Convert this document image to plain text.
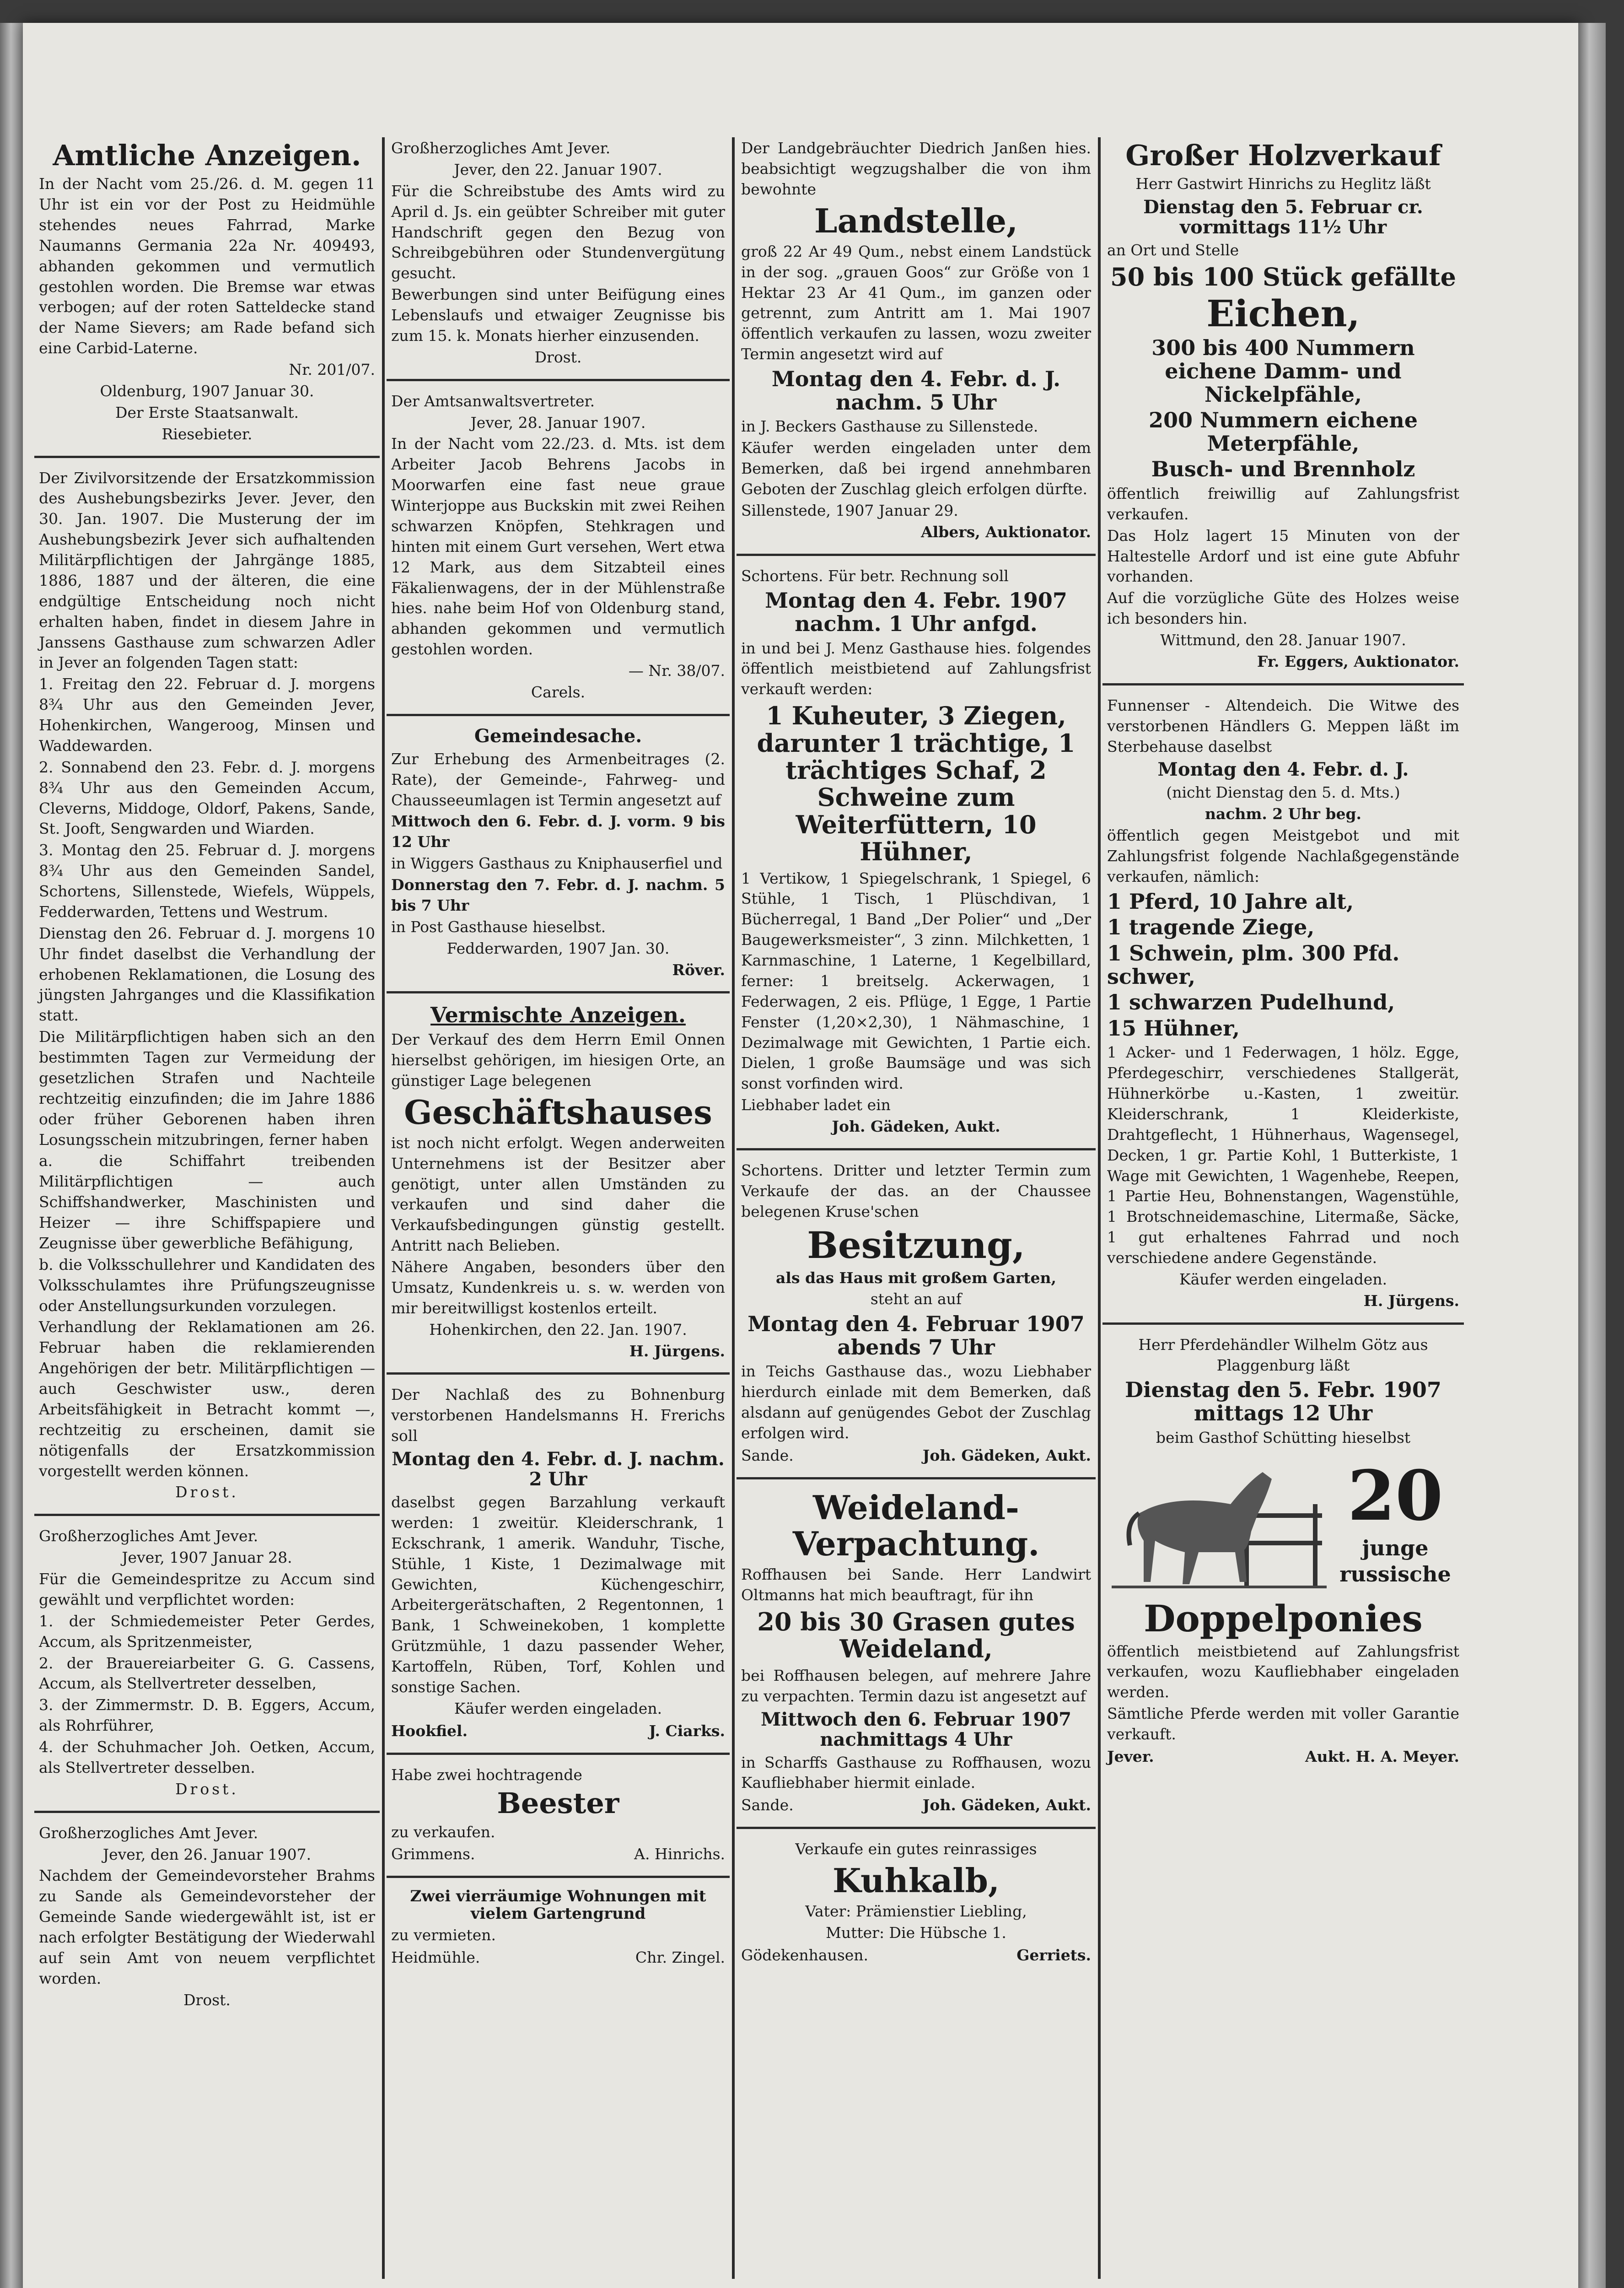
Amtliche Anzeigen.

In der Nacht vom 25./26. d. M. gegen 11 Uhr ist ein vor der Post zu Heidmühle stehendes neues Fahrrad, Marke Naumanns Germania 22a Nr. 409493, abhanden gekommen und vermutlich gestohlen worden. Die Bremse war etwas verbogen; auf der roten Satteldecke stand der Name Sievers; am Rade befand sich eine Carbid-Laterne.

Nr. 201/07.

Oldenburg, 1907 Januar 30.

Der Erste Staatsanwalt.

Riesebieter.

Der Zivilvorsitzende der Ersatzkommission des Aushebungsbezirks Jever. Jever, den 30. Jan. 1907. Die Musterung der im Aushebungsbezirk Jever sich aufhaltenden Militärpflichtigen der Jahrgänge 1885, 1886, 1887 und der älteren, die eine endgültige Entscheidung noch nicht erhalten haben, findet in diesem Jahre in Janssens Gasthause zum schwarzen Adler in Jever an folgenden Tagen statt:

1. Freitag den 22. Februar d. J. morgens 8¾ Uhr aus den Gemeinden Jever, Hohenkirchen, Wangeroog, Minsen und Waddewarden.

2. Sonnabend den 23. Febr. d. J. morgens 8¾ Uhr aus den Gemeinden Accum, Cleverns, Middoge, Oldorf, Pakens, Sande, St. Jooft, Sengwarden und Wiarden.

3. Montag den 25. Februar d. J. morgens 8¾ Uhr aus den Gemeinden Sandel, Schortens, Sillenstede, Wiefels, Wüppels, Fedderwarden, Tettens und Westrum.

Dienstag den 26. Februar d. J. morgens 10 Uhr findet daselbst die Verhandlung der erhobenen Reklamationen, die Losung des jüngsten Jahrganges und die Klassifikation statt.

Die Militärpflichtigen haben sich an den bestimmten Tagen zur Vermeidung der gesetzlichen Strafen und Nachteile rechtzeitig einzufinden; die im Jahre 1886 oder früher Geborenen haben ihren Losungsschein mitzubringen, ferner haben

a. die Schiffahrt treibenden Militärpflichtigen — auch Schiffshandwerker, Maschinisten und Heizer — ihre Schiffspapiere und Zeugnisse über gewerbliche Befähigung,

b. die Volksschullehrer und Kandidaten des Volksschulamtes ihre Prüfungszeugnisse oder Anstellungsurkunden vorzulegen.

Verhandlung der Reklamationen am 26. Februar haben die reklamierenden Angehörigen der betr. Militärpflichtigen — auch Geschwister usw., deren Arbeitsfähigkeit in Betracht kommt —, rechtzeitig zu erscheinen, damit sie nötigenfalls der Ersatzkommission vorgestellt werden können.

Drost.

Großherzogliches Amt Jever.

Jever, 1907 Januar 28.

Für die Gemeindespritze zu Accum sind gewählt und verpflichtet worden:

1. der Schmiedemeister Peter Gerdes, Accum, als Spritzenmeister,

2. der Brauereiarbeiter G. G. Cassens, Accum, als Stellvertreter desselben,

3. der Zimmermstr. D. B. Eggers, Accum, als Rohrführer,

4. der Schuhmacher Joh. Oetken, Accum, als Stellvertreter desselben.

Drost.

Großherzogliches Amt Jever.

Jever, den 26. Januar 1907.

Nachdem der Gemeindevorsteher Brahms zu Sande als Gemeindevorsteher der Gemeinde Sande wiedergewählt ist, ist er nach erfolgter Bestätigung der Wiederwahl auf sein Amt von neuem verpflichtet worden.

Drost.

Großherzogliches Amt Jever.

Jever, den 22. Januar 1907.

Für die Schreibstube des Amts wird zu April d. Js. ein geübter Schreiber mit guter Handschrift gegen den Bezug von Schreibgebühren oder Stundenvergütung gesucht.

Bewerbungen sind unter Beifügung eines Lebenslaufs und etwaiger Zeugnisse bis zum 15. k. Monats hierher einzusenden.

Drost.

Der Amtsanwaltsvertreter.

Jever, 28. Januar 1907.

In der Nacht vom 22./23. d. Mts. ist dem Arbeiter Jacob Behrens Jacobs in Moorwarfen eine fast neue graue Winterjoppe aus Buckskin mit zwei Reihen schwarzen Knöpfen, Stehkragen und hinten mit einem Gurt versehen, Wert etwa 12 Mark, aus dem Sitzabteil eines Fäkalienwagens, der in der Mühlenstraße hies. nahe beim Hof von Oldenburg stand, abhanden gekommen und vermutlich gestohlen worden.

— Nr. 38/07.

Carels.

Gemeindesache.

Zur Erhebung des Armenbeitrages (2. Rate), der Gemeinde-, Fahrweg- und Chausseeumlagen ist Termin angesetzt auf

Mittwoch den 6. Febr. d. J. vorm. 9 bis 12 Uhr

in Wiggers Gasthaus zu Kniphauserfiel und

Donnerstag den 7. Febr. d. J. nachm. 5 bis 7 Uhr

in Post Gasthause hieselbst.

Fedderwarden, 1907 Jan. 30.

Röver.

Vermischte Anzeigen.

Der Verkauf des dem Herrn Emil Onnen hierselbst gehörigen, im hiesigen Orte, an günstiger Lage belegenen

Geschäftshauses

ist noch nicht erfolgt. Wegen anderweiten Unternehmens ist der Besitzer aber genötigt, unter allen Umständen zu verkaufen und sind daher die Verkaufsbedingungen günstig gestellt. Antritt nach Belieben.

Nähere Angaben, besonders über den Umsatz, Kundenkreis u. s. w. werden von mir bereitwilligst kostenlos erteilt.

Hohenkirchen, den 22. Jan. 1907.

H. Jürgens.

Der Nachlaß des zu Bohnenburg verstorbenen Handelsmanns H. Frerichs soll

Montag den 4. Febr. d. J. nachm. 2 Uhr

daselbst gegen Barzahlung verkauft werden: 1 zweitür. Kleiderschrank, 1 Eckschrank, 1 amerik. Wanduhr, Tische, Stühle, 1 Kiste, 1 Dezimalwage mit Gewichten, Küchengeschirr, Arbeitergerätschaften, 2 Regentonnen, 1 Bank, 1 Schweinekoben, 1 komplette Grützmühle, 1 dazu passender Weher, Kartoffeln, Rüben, Torf, Kohlen und sonstige Sachen.

Käufer werden eingeladen.

Hookfiel.	J. Ciarks.

Habe zwei hochtragende

Beester

zu verkaufen.

Grimmens.	A. Hinrichs.
Zwei vierräumige Wohnungen mit vielem Gartengrund

zu vermieten.

Heidmühle.	Chr. Zingel.

Der Landgebräuchter Diedrich Janßen hies. beabsichtigt wegzugshalber die von ihm bewohnte

Landstelle,

groß 22 Ar 49 Qum., nebst einem Landstück in der sog. „grauen Goos“ zur Größe von 1 Hektar 23 Ar 41 Qum., im ganzen oder getrennt, zum Antritt am 1. Mai 1907 öffentlich verkaufen zu lassen, wozu zweiter Termin angesetzt wird auf

Montag den 4. Febr. d. J. nachm. 5 Uhr

in J. Beckers Gasthause zu Sillenstede.

Käufer werden eingeladen unter dem Bemerken, daß bei irgend annehmbaren Geboten der Zuschlag gleich erfolgen dürfte.

Sillenstede, 1907 Januar 29.

Albers, Auktionator.

Schortens. Für betr. Rechnung soll

Montag den 4. Febr. 1907 nachm. 1 Uhr anfgd.

in und bei J. Menz Gasthause hies. folgendes öffentlich meistbietend auf Zahlungsfrist verkauft werden:

1 Kuheuter, 3 Ziegen, darunter 1 trächtige, 1 trächtiges Schaf, 2 Schweine zum Weiterfüttern, 10 Hühner,

1 Vertikow, 1 Spiegelschrank, 1 Spiegel, 6 Stühle, 1 Tisch, 1 Plüschdivan, 1 Bücherregal, 1 Band „Der Polier“ und „Der Baugewerksmeister“, 3 zinn. Milchketten, 1 Karnmaschine, 1 Laterne, 1 Kegelbillard, ferner: 1 breitselg. Ackerwagen, 1 Federwagen, 2 eis. Pflüge, 1 Egge, 1 Partie Fenster (1,20×2,30), 1 Nähmaschine, 1 Dezimalwage mit Gewichten, 1 Partie eich. Dielen, 1 große Baumsäge und was sich sonst vorfinden wird.

Liebhaber ladet ein

Joh. Gädeken, Aukt.

Schortens. Dritter und letzter Termin zum Verkaufe der das. an der Chaussee belegenen Kruse'schen

Besitzung,

als das Haus mit großem Garten,

steht an auf

Montag den 4. Februar 1907 abends 7 Uhr

in Teichs Gasthause das., wozu Liebhaber hierdurch einlade mit dem Bemerken, daß alsdann auf genügendes Gebot der Zuschlag erfolgen wird.

Sande.	Joh. Gädeken, Aukt.
Weideland-Verpachtung.

Roffhausen bei Sande. Herr Landwirt Oltmanns hat mich beauftragt, für ihn

20 bis 30 Grasen gutes Weideland,

bei Roffhausen belegen, auf mehrere Jahre zu verpachten. Termin dazu ist angesetzt auf

Mittwoch den 6. Februar 1907 nachmittags 4 Uhr

in Scharffs Gasthause zu Roffhausen, wozu Kaufliebhaber hiermit einlade.

Sande.	Joh. Gädeken, Aukt.

Verkaufe ein gutes reinrassiges

Kuhkalb,

Vater: Prämienstier Liebling,

Mutter: Die Hübsche 1.

Gödekenhausen.	Gerriets.
Großer Holzverkauf

Herr Gastwirt Hinrichs zu Heglitz läßt

Dienstag den 5. Februar cr. vormittags 11½ Uhr

an Ort und Stelle

50 bis 100 Stück gefällte
Eichen,
300 bis 400 Nummern eichene Damm- und Nickelpfähle,
200 Nummern eichene Meterpfähle,
Busch- und Brennholz

öffentlich freiwillig auf Zahlungsfrist verkaufen.

Das Holz lagert 15 Minuten von der Haltestelle Ardorf und ist eine gute Abfuhr vorhanden.

Auf die vorzügliche Güte des Holzes weise ich besonders hin.

Wittmund, den 28. Januar 1907.

Fr. Eggers, Auktionator.

Funnenser - Altendeich. Die Witwe des verstorbenen Händlers G. Meppen läßt im Sterbehause daselbst

Montag den 4. Febr. d. J.

(nicht Dienstag den 5. d. Mts.)

nachm. 2 Uhr beg.

öffentlich gegen Meistgebot und mit Zahlungsfrist folgende Nachlaßgegenstände verkaufen, nämlich:

1 Pferd, 10 Jahre alt,
1 tragende Ziege,
1 Schwein, plm. 300 Pfd. schwer,
1 schwarzen Pudelhund,
15 Hühner,

1 Acker- und 1 Federwagen, 1 hölz. Egge, Pferdegeschirr, verschiedenes Stallgerät, Hühnerkörbe u.-Kasten, 1 zweitür. Kleiderschrank, 1 Kleiderkiste, Drahtgeflecht, 1 Hühnerhaus, Wagensegel, Decken, 1 gr. Partie Kohl, 1 Butterkiste, 1 Wage mit Gewichten, 1 Wagenhebe, Reepen, 1 Partie Heu, Bohnenstangen, Wagenstühle, 1 Brotschneidemaschine, Litermaße, Säcke, 1 gut erhaltenes Fahrrad und noch verschiedene andere Gegenstände.

Käufer werden eingeladen.

H. Jürgens.

Herr Pferdehändler Wilhelm Götz aus Plaggenburg läßt

Dienstag den 5. Febr. 1907 mittags 12 Uhr

beim Gasthof Schütting hieselbst

20
junge
russische
Doppelponies

öffentlich meistbietend auf Zahlungsfrist verkaufen, wozu Kaufliebhaber eingeladen werden.

Sämtliche Pferde werden mit voller Garantie verkauft.

Jever.	Aukt. H. A. Meyer.
